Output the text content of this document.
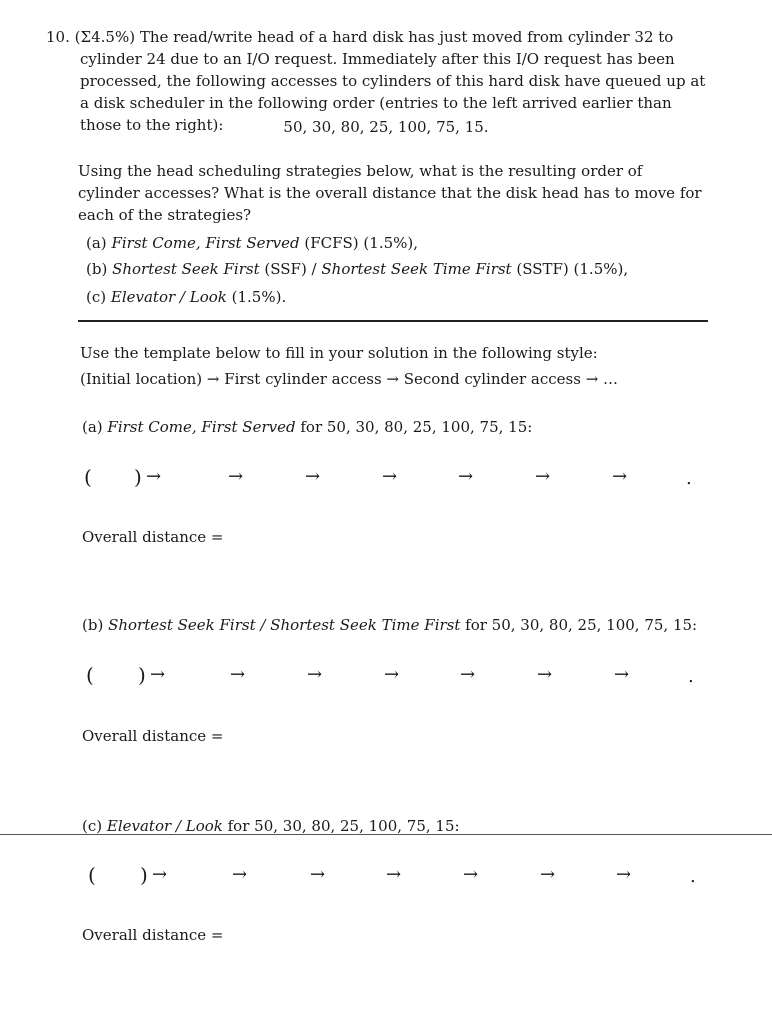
10. (Σ4.5%) The read/write head of a hard disk has just moved from cylinder 32 to cylinder 24 due to an I/O request. Immediately after this I/O request has been processed, the following accesses to cylinders of this hard disk have queued up at a disk scheduler in the following order (entries to the left arrived earlier than those to the right):	50, 30, 80, 25, 100, 75, 15.
Using the head scheduling strategies below, what is the resulting order of cylinder accesses? What is the overall distance that the disk head has to move for each of the strategies?
(a) First Come, First Served (FCFS) (1.5%),
(b) Shortest Seek First (SSF) / Shortest Seek Time First (SSTF) (1.5%),
(c) Elevator / Look (1.5%).
Use the template below to fill in your solution in the following style:
(Initial location) → First cylinder access → Second cylinder access → …
(a) First Come, First Served for 50, 30, 80, 25, 100, 75, 15:
( ) →	→	→	→	→	→	→	.
Overall distance =
(b) Shortest Seek First / Shortest Seek Time First for 50, 30, 80, 25, 100, 75, 15:
( ) →	→	→	→	→	→	→	.
Overall distance =
(c) Elevator / Look for 50, 30, 80, 25, 100, 75, 15:
( ) →	→	→	→	→	→	→	.
Overall distance =
